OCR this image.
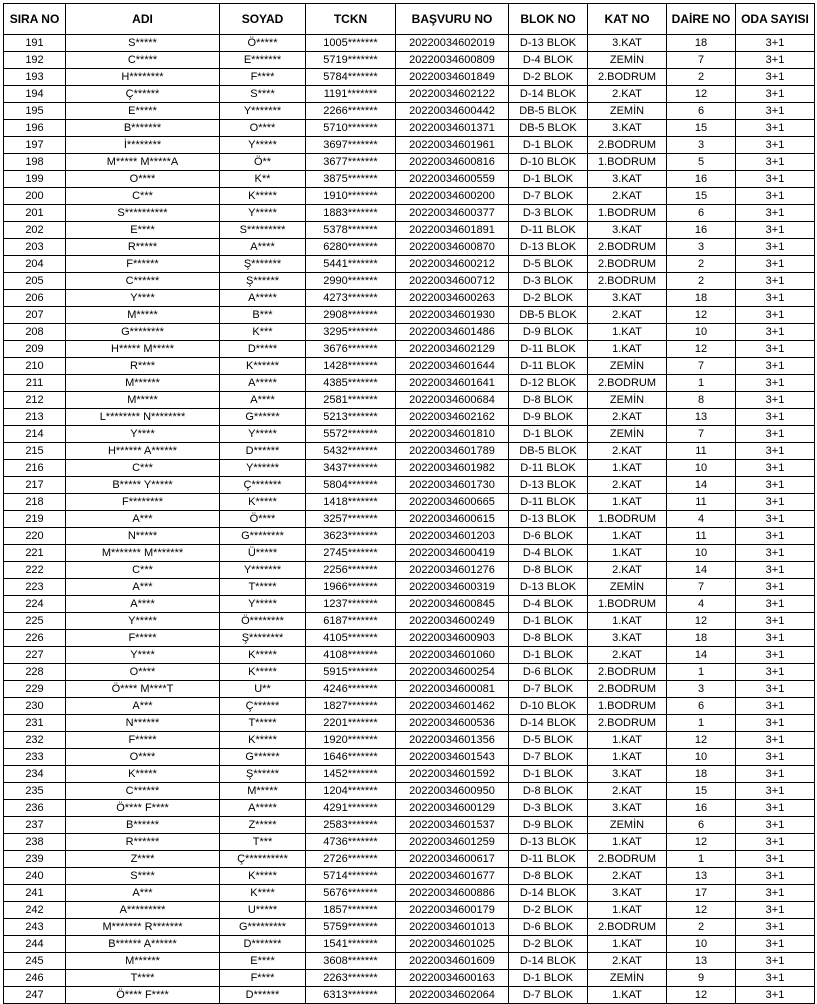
SIRA NO	ADI	SOYAD	TCKN	BAŞVURU NO	BLOK NO	KAT NO	DAİRE NO	ODA SAYISI
191	S*****	Ö*****	1005*******	20220034602019	D-13 BLOK	3.KAT	18	3+1
192	C*****	E*******	5719*******	20220034600809	D-4 BLOK	ZEMİN	7	3+1
193	H********	F****	5784*******	20220034601849	D-2 BLOK	2.BODRUM	2	3+1
194	Ç******	S****	1191*******	20220034602122	D-14 BLOK	2.KAT	12	3+1
195	E*****	Y*******	2266*******	20220034600442	DB-5 BLOK	ZEMİN	6	3+1
196	B*******	O****	5710*******	20220034601371	DB-5 BLOK	3.KAT	15	3+1
197	İ********	Y*****	3697*******	20220034601961	D-1 BLOK	2.BODRUM	3	3+1
198	M***** M*****A	Ö**	3677*******	20220034600816	D-10 BLOK	1.BODRUM	5	3+1
199	O****	K**	3875*******	20220034600559	D-1 BLOK	3.KAT	16	3+1
200	C***	K*****	1910*******	20220034600200	D-7 BLOK	2.KAT	15	3+1
201	S**********	Y*****	1883*******	20220034600377	D-3 BLOK	1.BODRUM	6	3+1
202	E****	S*********	5378*******	20220034601891	D-11 BLOK	3.KAT	16	3+1
203	R*****	A****	6280*******	20220034600870	D-13 BLOK	2.BODRUM	3	3+1
204	F******	Ş*******	5441*******	20220034600212	D-5 BLOK	2.BODRUM	2	3+1
205	C******	Ş******	2990*******	20220034600712	D-3 BLOK	2.BODRUM	2	3+1
206	Y****	A*****	4273*******	20220034600263	D-2 BLOK	3.KAT	18	3+1
207	M*****	B***	2908*******	20220034601930	DB-5 BLOK	2.KAT	12	3+1
208	G********	K***	3295*******	20220034601486	D-9 BLOK	1.KAT	10	3+1
209	H***** M*****	D*****	3676*******	20220034602129	D-11 BLOK	1.KAT	12	3+1
210	R****	K******	1428*******	20220034601644	D-11 BLOK	ZEMİN	7	3+1
211	M******	A*****	4385*******	20220034601641	D-12 BLOK	2.BODRUM	1	3+1
212	M*****	A****	2581*******	20220034600684	D-8 BLOK	ZEMİN	8	3+1
213	L******** N********	G******	5213*******	20220034602162	D-9 BLOK	2.KAT	13	3+1
214	Y****	Y*****	5572*******	20220034601810	D-1 BLOK	ZEMİN	7	3+1
215	H****** A******	D******	5432*******	20220034601789	DB-5 BLOK	2.KAT	11	3+1
216	C***	Y******	3437*******	20220034601982	D-11 BLOK	1.KAT	10	3+1
217	B***** Y*****	Ç*******	5804*******	20220034601730	D-13 BLOK	2.KAT	14	3+1
218	F********	K*****	1418*******	20220034600665	D-11 BLOK	1.KAT	11	3+1
219	A***	Ö****	3257*******	20220034600615	D-13 BLOK	1.BODRUM	4	3+1
220	N*****	G********	3623*******	20220034601203	D-6 BLOK	1.KAT	11	3+1
221	M******* M*******	Ü*****	2745*******	20220034600419	D-4 BLOK	1.KAT	10	3+1
222	C***	Y*******	2256*******	20220034601276	D-8 BLOK	2.KAT	14	3+1
223	A***	T*****	1966*******	20220034600319	D-13 BLOK	ZEMİN	7	3+1
224	A****	Y*****	1237*******	20220034600845	D-4 BLOK	1.BODRUM	4	3+1
225	Y*****	Ö********	6187*******	20220034600249	D-1 BLOK	1.KAT	12	3+1
226	F*****	Ş********	4105*******	20220034600903	D-8 BLOK	3.KAT	18	3+1
227	Y****	K*****	4108*******	20220034601060	D-1 BLOK	2.KAT	14	3+1
228	O****	K*****	5915*******	20220034600254	D-6 BLOK	2.BODRUM	1	3+1
229	Ö**** M****T	U**	4246*******	20220034600081	D-7 BLOK	2.BODRUM	3	3+1
230	A***	Ç******	1827*******	20220034601462	D-10 BLOK	1.BODRUM	6	3+1
231	N******	T*****	2201*******	20220034600536	D-14 BLOK	2.BODRUM	1	3+1
232	F*****	K*****	1920*******	20220034601356	D-5 BLOK	1.KAT	12	3+1
233	O****	G******	1646*******	20220034601543	D-7 BLOK	1.KAT	10	3+1
234	K*****	Ş******	1452*******	20220034601592	D-1 BLOK	3.KAT	18	3+1
235	C******	M*****	1204*******	20220034600950	D-8 BLOK	2.KAT	15	3+1
236	Ö**** F****	A*****	4291*******	20220034600129	D-3 BLOK	3.KAT	16	3+1
237	B******	Z*****	2583*******	20220034601537	D-9 BLOK	ZEMİN	6	3+1
238	R******	T***	4736*******	20220034601259	D-13 BLOK	1.KAT	12	3+1
239	Z****	Ç**********	2726*******	20220034600617	D-11 BLOK	2.BODRUM	1	3+1
240	S****	K*****	5714*******	20220034601677	D-8 BLOK	2.KAT	13	3+1
241	A***	K****	5676*******	20220034600886	D-14 BLOK	3.KAT	17	3+1
242	A*********	U*****	1857*******	20220034600179	D-2 BLOK	1.KAT	12	3+1
243	M******* R*******	G*********	5759*******	20220034601013	D-6 BLOK	2.BODRUM	2	3+1
244	B****** A******	D*******	1541*******	20220034601025	D-2 BLOK	1.KAT	10	3+1
245	M******	E****	3608*******	20220034601609	D-14 BLOK	2.KAT	13	3+1
246	T****	F****	2263*******	20220034600163	D-1 BLOK	ZEMİN	9	3+1
247	Ö**** F****	D******	6313*******	20220034602064	D-7 BLOK	1.KAT	12	3+1
